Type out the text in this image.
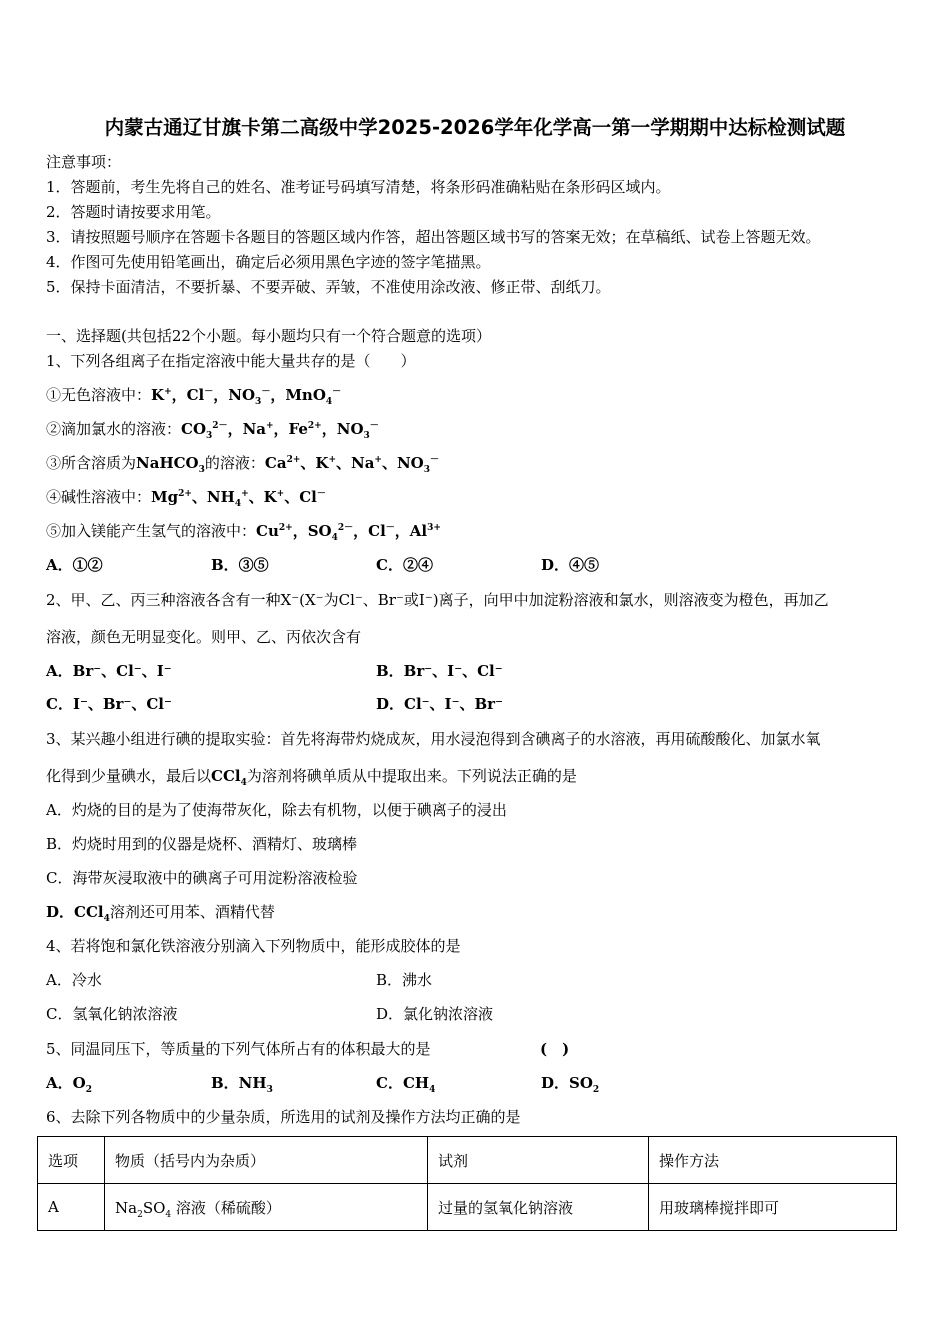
内蒙古通辽甘旗卡第二高级中学2025-2026学年化学高一第一学期期中达标检测试题
注意事项：
1．答题前，考生先将自己的姓名、准考证号码填写清楚，将条形码准确粘贴在条形码区域内。
2．答题时请按要求用笔。
3．请按照题号顺序在答题卡各题目的答题区域内作答，超出答题区域书写的答案无效；在草稿纸、试卷上答题无效。
4．作图可先使用铅笔画出，确定后必须用黑色字迹的签字笔描黑。
5．保持卡面清洁，不要折暴、不要弄破、弄皱，不准使用涂改液、修正带、刮纸刀。
一、选择题(共包括22个小题。每小题均只有一个符合题意的选项）
1、下列各组离子在指定溶液中能大量共存的是（　　）
①无色溶液中：K+，Cl－，$NO_3^-$，MnO$_4$－
②滴加氯水的溶液：$CO_3^{2-}$，Na+，$Fe^{2+}$，$NO_3^-$
③所含溶质为NaHCO$_3$的溶液：$Ca^{2+}$、K+、Na+、$NO_3^-$
④碱性溶液中：$Mg^{2+}$、$NH_4^+$、K+、Cl－
⑤加入镁能产生氢气的溶液中：$Cu^{2+}$，$SO_4^{2-}$，Cl－，$Al^{3+}$
A．①②	B．③⑤	C．②④	D．④⑤
2、甲、乙、丙三种溶液各含有一种X⁻(X⁻为Cl⁻、Br⁻或I⁻)离子，向甲中加淀粉溶液和氯水，则溶液变为橙色，再加乙
溶液，颜色无明显变化。则甲、乙、丙依次含有
A．Br⁻、Cl⁻、I⁻	B．Br⁻、I⁻、Cl⁻
C．I⁻、Br⁻、Cl⁻	D．Cl⁻、I⁻、Br⁻
3、某兴趣小组进行碘的提取实验：首先将海带灼烧成灰，用水浸泡得到含碘离子的水溶液，再用硫酸酸化、加氯水氧
化得到少量碘水，最后以CCl$_4$为溶剂将碘单质从中提取出来。下列说法正确的是
A．灼烧的目的是为了使海带灰化，除去有机物，以便于碘离子的浸出
B．灼烧时用到的仪器是烧杯、酒精灯、玻璃棒
C．海带灰浸取液中的碘离子可用淀粉溶液检验
D．CCl$_4$溶剂还可用苯、酒精代替
4、若将饱和氯化铁溶液分别滴入下列物质中，能形成胶体的是
A．冷水	B．沸水
C．氢氧化钠浓溶液	D．氯化钠浓溶液
5、同温同压下，等质量的下列气体所占有的体积最大的是	(　)
A．$O_2$	B．$NH_3$	C．$CH_4$	D．$SO_2$
6、去除下列各物质中的少量杂质，所选用的试剂及操作方法均正确的是
选项	物质（括号内为杂质）	试剂	操作方法
A	$Na_2SO_4$ 溶液（稀硫酸）	过量的氢氧化钠溶液	用玻璃棒搅拌即可
